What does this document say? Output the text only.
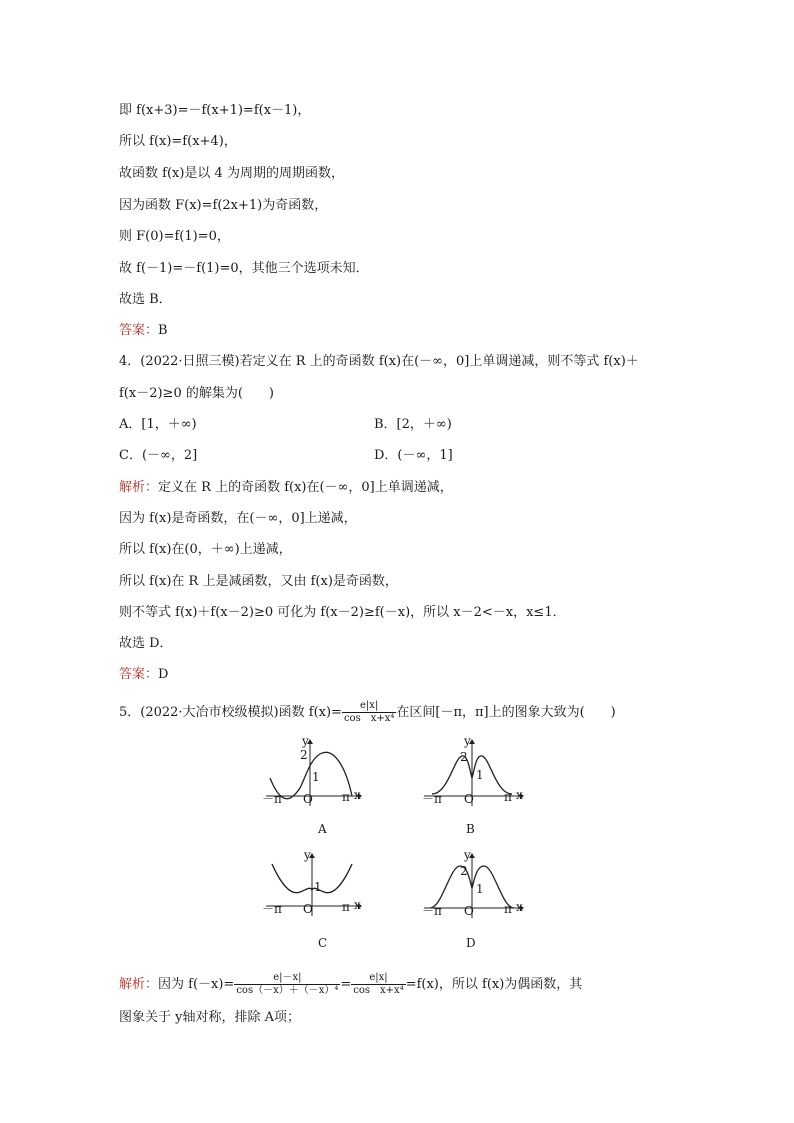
即 f(x+3)=－f(x+1)=f(x－1)，
所以 f(x)=f(x+4)，
故函数 f(x)是以 4 为周期的周期函数，
因为函数 F(x)=f(2x+1)为奇函数，
则 F(0)=f(1)=0，
故 f(－1)=－f(1)=0，其他三个选项未知．
故选 B．
答案：B
4．(2022·日照三模)若定义在 R 上的奇函数 f(x)在(－∞，0]上单调递减，则不等式 f(x)＋
f(x－2)≥0 的解集为(　　)
A．[1，＋∞)	B．[2，＋∞)
C．(－∞，2]	D．(－∞，1]
解析：定义在 R 上的奇函数 f(x)在(－∞，0]上单调递减，
因为 f(x)是奇函数，在(－∞，0]上递减，
所以 f(x)在(0，＋∞)上递减，
所以 f(x)在 R 上是减函数，又由 f(x)是奇函数，
则不等式 f(x)＋f(x－2)≥0 可化为 f(x－2)≥f(－x)，所以 x－2<－x，x≤1．
故选 D．
答案：D
5．(2022·大冶市校级模拟)函数 $f(x)= \frac{e|x|}{\text{cos　x+x⁴}}$ 在区间[－π，π]上的图象大致为(　　)
y
2
1
－π O π x
A
y
2
1
－π O	π x
B
y
1
－π O π x
C
y
2
1
－π O	π x
D
解析：因为 $f(-x)= \frac{e|-x|}{\text{cos（－x）＋（－x）⁴}} = \frac{e|x|}{\text{cos　x+x⁴}} =f(x)$，所以 f(x)为偶函数，其
图象关于 y轴对称，排除 A项；
